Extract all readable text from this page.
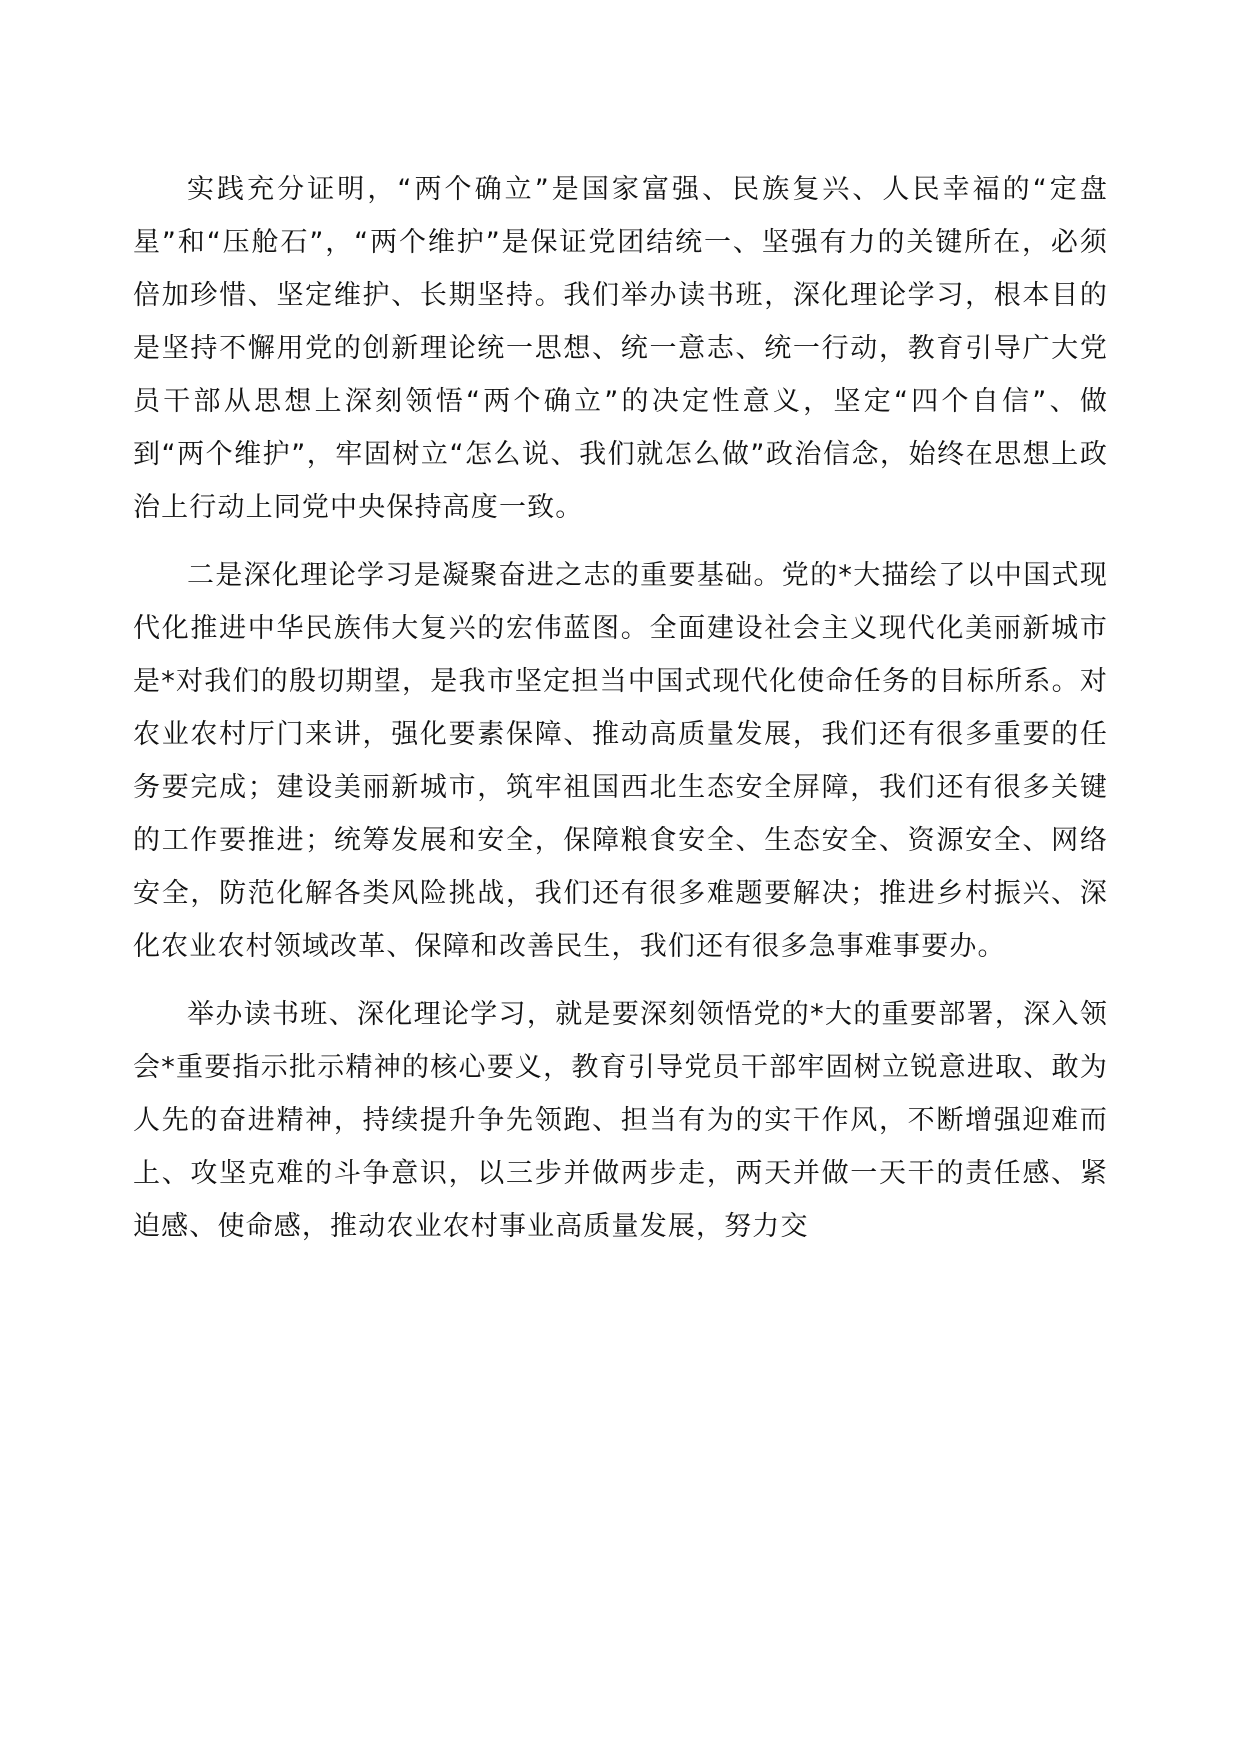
实践充分证明，“两个确立”是国家富强、民族复兴、人民幸福的“定盘星”和“压舱石”，“两个维护”是保证党团结统一、坚强有力的关键所在，必须倍加珍惜、坚定维护、长期坚持。我们举办读书班，深化理论学习，根本目的是坚持不懈用党的创新理论统一思想、统一意志、统一行动，教育引导广大党员干部从思想上深刻领悟“两个确立”的决定性意义，坚定“四个自信”、做到“两个维护”，牢固树立“怎么说、我们就怎么做”政治信念，始终在思想上政治上行动上同党中央保持高度一致。

二是深化理论学习是凝聚奋进之志的重要基础。党的*大描绘了以中国式现代化推进中华民族伟大复兴的宏伟蓝图。全面建设社会主义现代化美丽新城市是*对我们的殷切期望，是我市坚定担当中国式现代化使命任务的目标所系。对农业农村厅门来讲，强化要素保障、推动高质量发展，我们还有很多重要的任务要完成；建设美丽新城市，筑牢祖国西北生态安全屏障，我们还有很多关键的工作要推进；统筹发展和安全，保障粮食安全、生态安全、资源安全、网络安全，防范化解各类风险挑战，我们还有很多难题要解决；推进乡村振兴、深化农业农村领域改革、保障和改善民生，我们还有很多急事难事要办。

举办读书班、深化理论学习，就是要深刻领悟党的*大的重要部署，深入领会*重要指示批示精神的核心要义，教育引导党员干部牢固树立锐意进取、敢为人先的奋进精神，持续提升争先领跑、担当有为的实干作风，不断增强迎难而上、攻坚克难的斗争意识，以三步并做两步走，两天并做一天干的责任感、紧迫感、使命感，推动农业农村事业高质量发展，努力交
